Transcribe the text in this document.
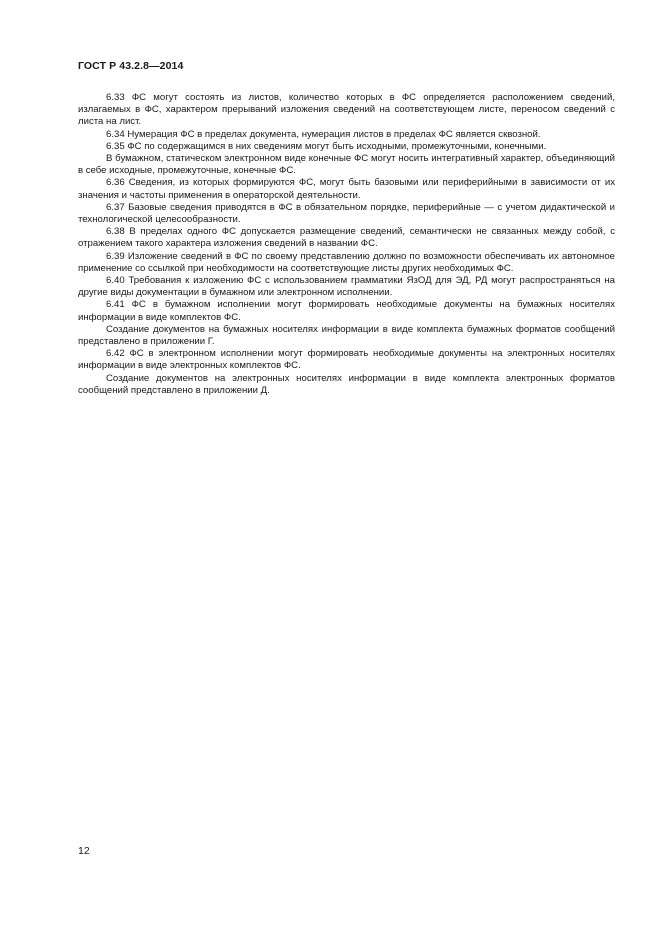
ГОСТ Р 43.2.8—2014

6.33 ФС могут состоять из листов, количество которых в ФС определяется расположением сведений, излагаемых в ФС, характером прерываний изложения сведений на соответствующем листе, переносом сведений с листа на лист.

6.34 Нумерация ФС в пределах документа, нумерация листов в пределах ФС является сквозной.

6.35 ФС по содержащимся в них сведениям могут быть исходными, промежуточными, конечными.

В бумажном, статическом электронном виде конечные ФС могут носить интегративный характер, объединяющий в себе исходные, промежуточные, конечные ФС.

6.36 Сведения, из которых формируются ФС, могут быть базовыми или периферийными в зависимости от их значения и частоты применения в операторской деятельности.

6.37 Базовые сведения приводятся в ФС в обязательном порядке, периферийные — с учетом дидактической и технологической целесообразности.

6.38 В пределах одного ФС допускается размещение сведений, семантически не связанных между собой, с отражением такого характера изложения сведений в названии ФС.

6.39 Изложение сведений в ФС по своему представлению должно по возможности обеспечивать их автономное применение со ссылкой при необходимости на соответствующие листы других необходимых ФС.

6.40 Требования к изложению ФС с использованием грамматики ЯзОД для ЭД, РД могут распространяться на другие виды документации в бумажном или электронном исполнении.

6.41 ФС в бумажном исполнении могут формировать необходимые документы на бумажных носителях информации в виде комплектов ФС.

Создание документов на бумажных носителях информации в виде комплекта бумажных форматов сообщений представлено в приложении Г.

6.42 ФС в электронном исполнении могут формировать необходимые документы на электронных носителях информации в виде электронных комплектов ФС.

Создание документов на электронных носителях информации в виде комплекта электронных форматов сообщений представлено в приложении Д.

12
